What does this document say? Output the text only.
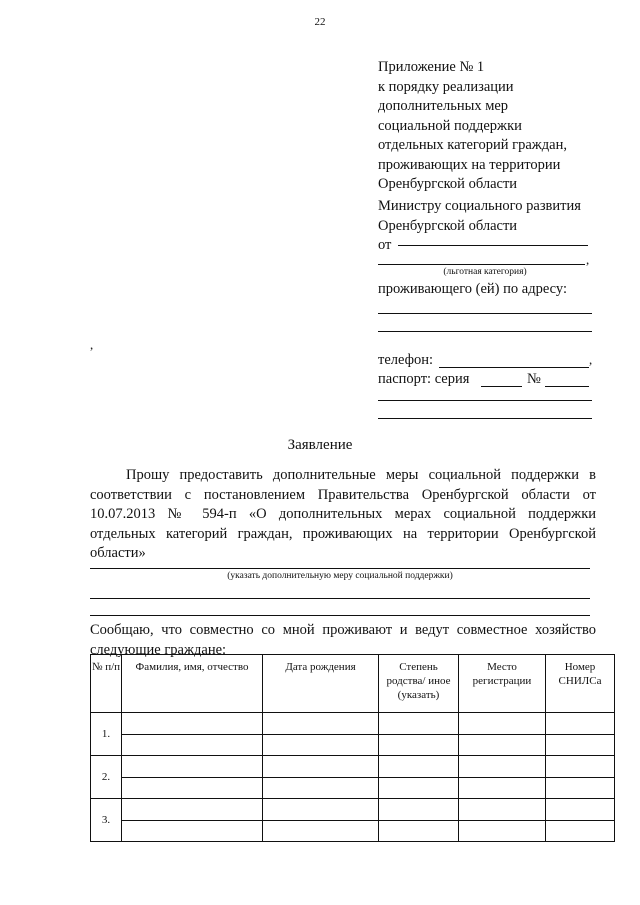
22
Приложение № 1
к порядку реализации
дополнительных мер
социальной поддержки
отдельных категорий граждан,
проживающих на территории
Оренбургской области
Министру социального развития
Оренбургской области
от
,
(льготная категория)
проживающего (ей) по адресу:
,
телефон:	,
паспорт: серия	№
Заявление
Прошу предоставить дополнительные меры социальной поддержки в соответствии с постановлением Правительства Оренбургской области от 10.07.2013 № 594-п «О дополнительных мерах социальной поддержки отдельных категорий граждан, проживающих на территории Оренбургской области»
(указать дополнительную меру социальной поддержки)
Сообщаю, что совместно со мной проживают и ведут совместное хозяйство следующие граждане:
№ п/п	Фамилия, имя, отчество	Дата рождения	Степень родства/ иное (указать)	Место регистрации	Номер СНИЛСа
1.					

2.					

3.					
